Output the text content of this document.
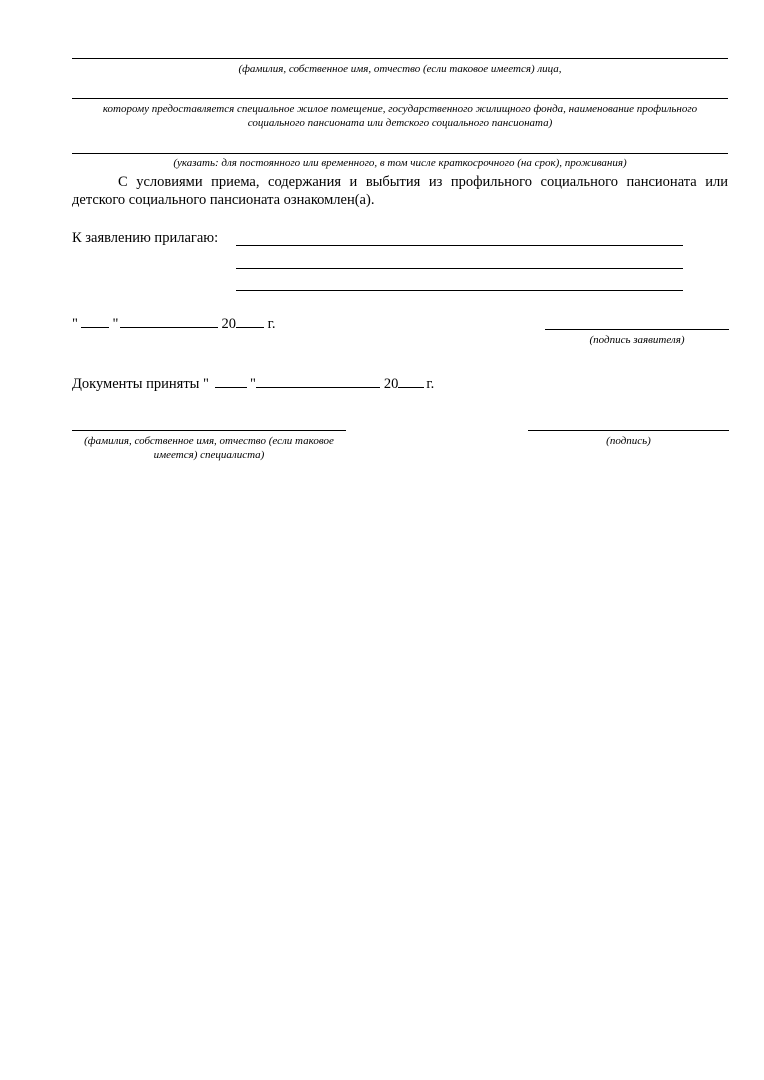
(фамилия, собственное имя, отчество (если таковое имеется) лица,
которому предоставляется специальное жилое помещение, государственного жилищного фонда, наименование профильного социального пансионата или детского социального пансионата)
(указать: для постоянного или временного, в том числе краткосрочного (на срок), проживания)
С условиями приема, содержания и выбытия из профильного социального пансионата или детского социального пансионата ознакомлен(а).
К заявлению прилагаю:
" "	20 г.
(подпись заявителя)
Документы приняты "	"	20 г.
(фамилия, собственное имя, отчество (если таковое имеется) специалиста)
(подпись)
